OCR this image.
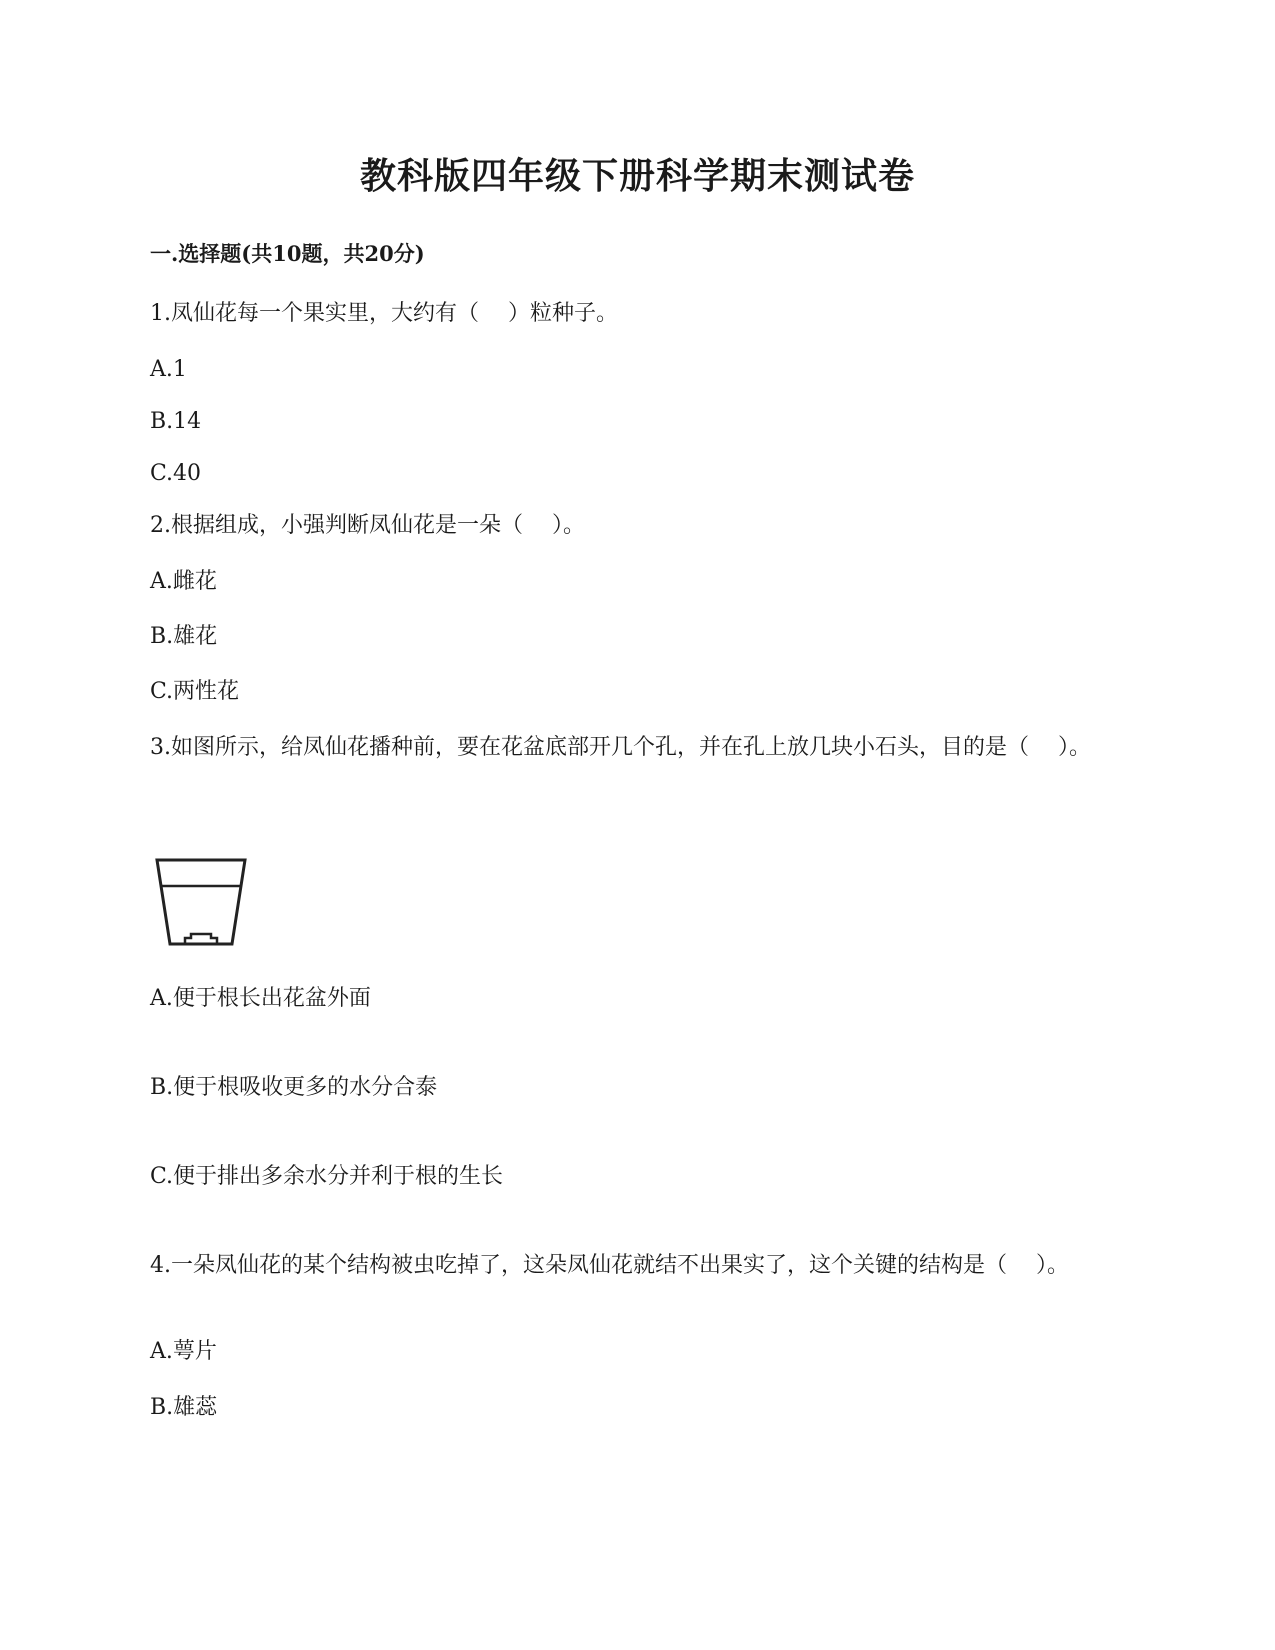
教科版四年级下册科学期末测试卷
一.选择题(共10题，共20分)
1.凤仙花每一个果实里，大约有（　 ）粒种子。
A.1
B.14
C.40
2.根据组成，小强判断凤仙花是一朵（　 ）。
A.雌花
B.雄花
C.两性花
3.如图所示，给凤仙花播种前，要在花盆底部开几个孔，并在孔上放几块小石头，目的是（　 ）。
A.便于根长出花盆外面
B.便于根吸收更多的水分合泰
C.便于排出多余水分并利于根的生长
4.一朵凤仙花的某个结构被虫吃掉了，这朵凤仙花就结不出果实了，这个关键的结构是（　 ）。
A.萼片
B.雄蕊
